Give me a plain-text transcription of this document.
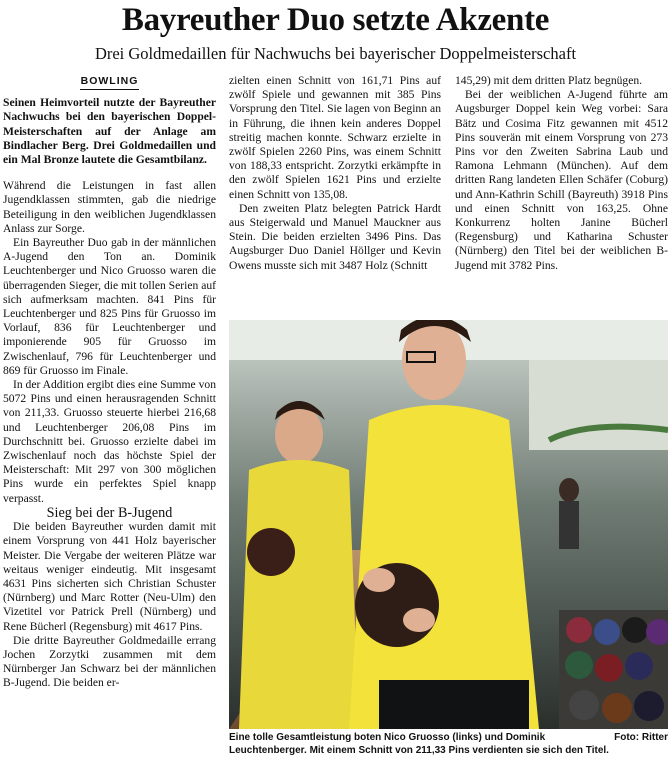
Bayreuther Duo setzte Akzente
Drei Goldmedaillen für Nachwuchs bei bayerischer Doppelmeisterschaft
BOWLING

Seinen Heimvorteil nutzte der Bayreuther Nachwuchs bei den bayerischen Doppel-Meisterschaften auf der Anlage am Bindlacher Berg. Drei Goldmedaillen und ein Mal Bronze lautete die Gesamtbilanz.

Während die Leistungen in fast allen Jugendklassen stimmten, gab die niedrige Beteiligung in den weiblichen Jugendklassen Anlass zur Sorge.

Ein Bayreuther Duo gab in der männlichen A-Jugend den Ton an. Dominik Leuchtenberger und Nico Gruosso waren die überragenden Sieger, die mit tollen Serien auf sich aufmerksam machten. 841 Pins für Leuchtenberger und 825 Pins für Gruosso im Vorlauf, 836 für Leuchtenberger und imponierende 905 für Gruosso im Zwischenlauf, 796 für Leuchtenberger und 869 für Gruosso im Finale.

In der Addition ergibt dies eine Summe von 5072 Pins und einen herausragenden Schnitt von 211,33. Gruosso steuerte hierbei 216,68 und Leuchtenberger 206,08 Pins im Durchschnitt bei. Gruosso erzielte dabei im Zwischenlauf noch das höchste Spiel der Meisterschaft: Mit 297 von 300 möglichen Pins wurde ein perfektes Spiel knapp verpasst.

Sieg bei der B-Jugend

Die beiden Bayreuther wurden damit mit einem Vorsprung von 441 Holz bayerischer Meister. Die Vergabe der weiteren Plätze war weitaus weniger eindeutig. Mit insgesamt 4631 Pins sicherten sich Christian Schuster (Nürnberg) und Marc Rotter (Neu-Ulm) den Vizetitel vor Patrick Prell (Nürnberg) und Rene Bücherl (Regensburg) mit 4617 Pins.

Die dritte Bayreuther Goldmedaille errang Jochen Zorzytki zusammen mit dem Nürnberger Jan Schwarz bei der männlichen B-Jugend. Die beiden er-

zielten einen Schnitt von 161,71 Pins auf zwölf Spiele und gewannen mit 385 Pins Vorsprung den Titel. Sie lagen von Beginn an in Führung, die ihnen kein anderes Doppel streitig machen konnte. Schwarz erzielte in zwölf Spielen 2260 Pins, was einem Schnitt von 188,33 entspricht. Zorzytki erkämpfte in den zwölf Spielen 1621 Pins und erzielte einen Schnitt von 135,08.

Den zweiten Platz belegten Patrick Hardt aus Steigerwald und Manuel Mauckner aus Stein. Die beiden erzielten 3496 Pins. Das Augsburger Duo Daniel Höllger und Kevin Owens musste sich mit 3487 Holz (Schnitt

145,29) mit dem dritten Platz begnügen.

Bei der weiblichen A-Jugend führte am Augsburger Doppel kein Weg vorbei: Sara Bätz und Cosima Fitz gewannen mit 4512 Pins souverän mit einem Vorsprung von 273 Pins vor den Zweiten Sabrina Laub und Ramona Lehmann (München). Auf dem dritten Rang landeten Ellen Schäfer (Coburg) und Ann-Kathrin Schill (Bayreuth) 3918 Pins und einen Schnitt von 163,25. Ohne Konkurrenz holten Janine Bücherl (Regensburg) und Katharina Schuster (Nürnberg) den Titel bei der weiblichen B-Jugend mit 3782 Pins.

Foto: Ritter
Eine tolle Gesamtleistung boten Nico Gruosso (links) und Dominik Leuchtenberger. Mit einem Schnitt von 211,33 Pins verdienten sie sich den Titel.
